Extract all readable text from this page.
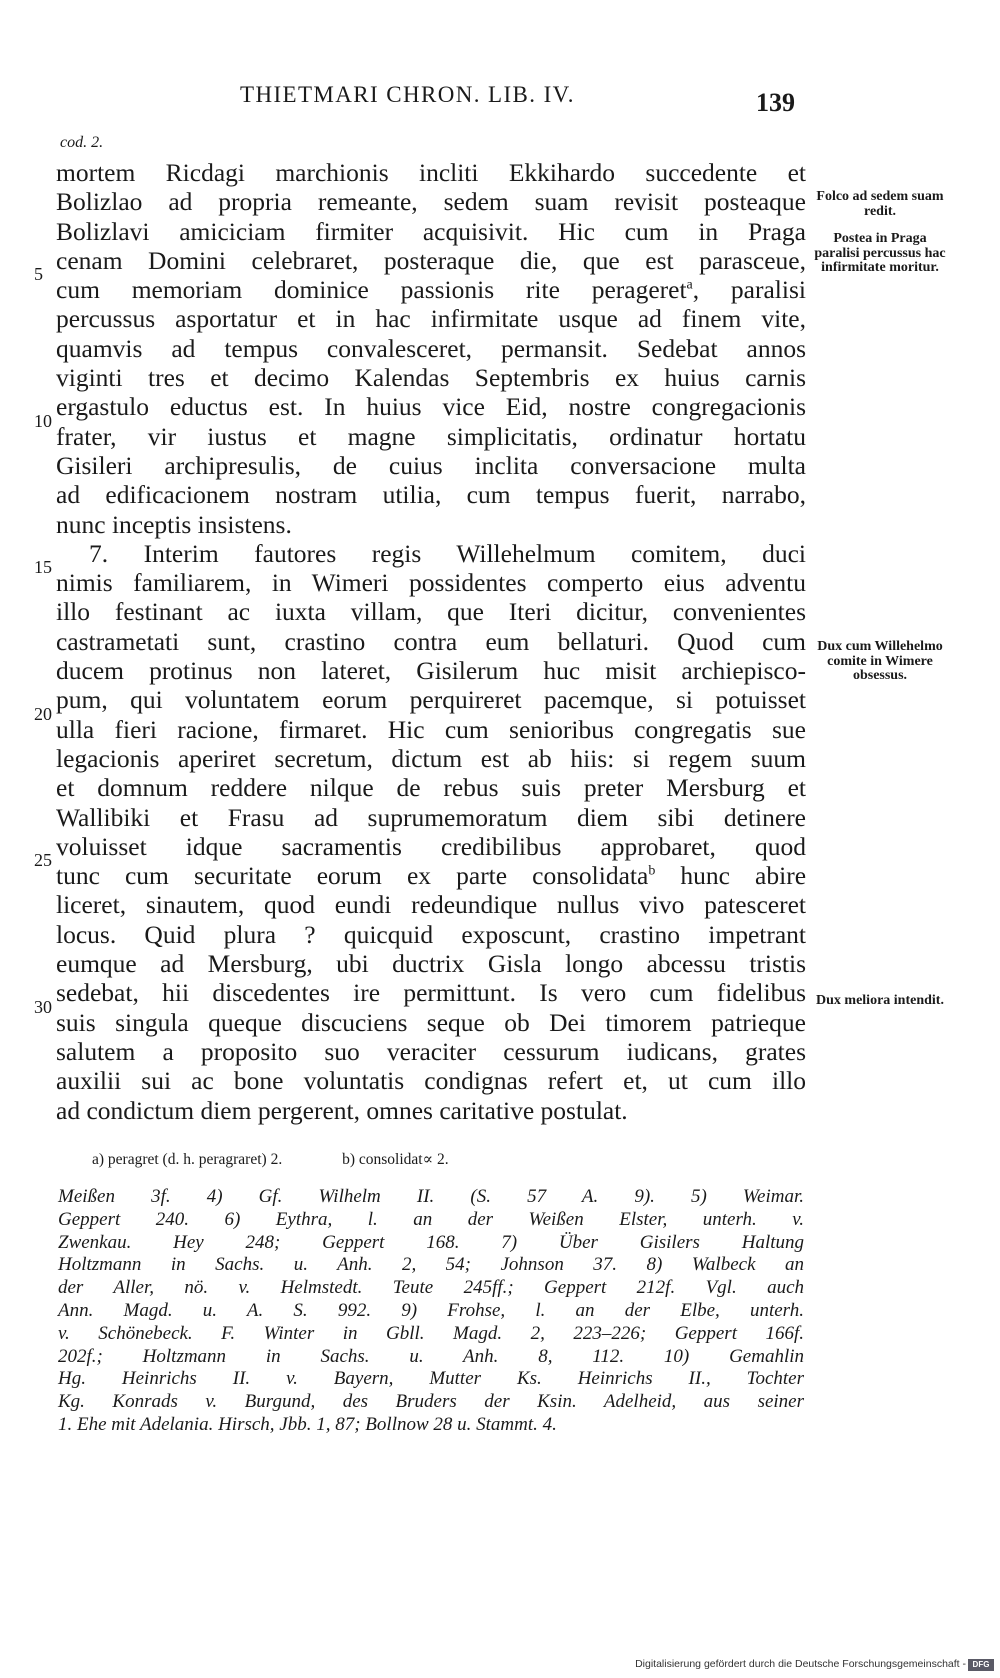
THIETMARI CHRON. LIB. IV.	139
cod. 2.
5
10
15
20
25
30
mortem Ricdagi marchionis incliti Ekkihardo succedente et
Bolizlao ad propria remeante, sedem suam revisit posteaque
Bolizlavi amiciciam firmiter acquisivit. Hic cum in Praga
cenam Domini celebraret, posteraque die, que est parasceue,
cum memoriam dominice passionis rite perageret$^a$, paralisi
percussus asportatur et in hac infirmitate usque ad finem vite,
quamvis ad tempus convalesceret, permansit. Sedebat annos
viginti tres et decimo Kalendas Septembris ex huius carnis
ergastulo eductus est. In huius vice Eid, nostre congregacionis
frater, vir iustus et magne simplicitatis, ordinatur hortatu
Gisileri archipresulis, de cuius inclita conversacione multa
ad edificacionem nostram utilia, cum tempus fuerit, narrabo,
nunc inceptis insistens.
7. Interim fautores regis Willehelmum comitem, duci
nimis familiarem, in Wimeri possidentes comperto eius adventu
illo festinant ac iuxta villam, que Iteri dicitur, convenientes
castrametati sunt, crastino contra eum bellaturi. Quod cum
ducem protinus non lateret, Gisilerum huc misit archiepisco-
pum, qui voluntatem eorum perquireret pacemque, si potuisset
ulla fieri racione, firmaret. Hic cum senioribus congregatis sue
legacionis aperiret secretum, dictum est ab hiis: si regem suum
et domnum reddere nilque de rebus suis preter Mersburg et
Wallibiki et Frasu ad suprumemoratum diem sibi detinere
voluisset idque sacramentis credibilibus approbaret, quod
tunc cum securitate eorum ex parte consolidata$^b$ hunc abire
liceret, sinautem, quod eundi redeundique nullus vivo patesceret
locus. Quid plura ? quicquid exposcunt, crastino impetrant
eumque ad Mersburg, ubi ductrix Gisla longo abcessu tristis
sedebat, hii discedentes ire permittunt. Is vero cum fidelibus
suis singula queque discuciens seque ob Dei timorem patrieque
salutem a proposito suo veraciter cessurum iudicans, grates
auxilii sui ac bone voluntatis condignas refert et, ut cum illo
ad condictum diem pergerent, omnes caritative postulat.
Folco ad sedem suam redit.
Postea in Praga paralisi percussus hac infirmitate moritur.
Dux cum Willehelmo comite in Wimere obsessus.
Dux meliora intendit.
a) peragret (d. h. peragraret) 2.	b) consolidat∝ 2.
Meißen 3f. 4) Gf. Wilhelm II. (S. 57 A. 9). 5) Weimar.
Geppert 240. 6) Eythra, l. an der Weißen Elster, unterh. v.
Zwenkau. Hey 248; Geppert 168. 7) Über Gisilers Haltung
Holtzmann in Sachs. u. Anh. 2, 54; Johnson 37. 8) Walbeck an
der Aller, nö. v. Helmstedt. Teute 245ff.; Geppert 212f. Vgl. auch
Ann. Magd. u. A. S. 992. 9) Frohse, l. an der Elbe, unterh.
v. Schönebeck. F. Winter in Gbll. Magd. 2, 223–226; Geppert 166f.
202f.; Holtzmann in Sachs. u. Anh. 8, 112. 10) Gemahlin
Hg. Heinrichs II. v. Bayern, Mutter Ks. Heinrichs II., Tochter
Kg. Konrads v. Burgund, des Bruders der Ksin. Adelheid, aus seiner
1. Ehe mit Adelania. Hirsch, Jbb. 1, 87; Bollnow 28 u. Stammt. 4.
Digitalisierung gefördert durch die Deutsche Forschungsgemeinschaft - DFG
